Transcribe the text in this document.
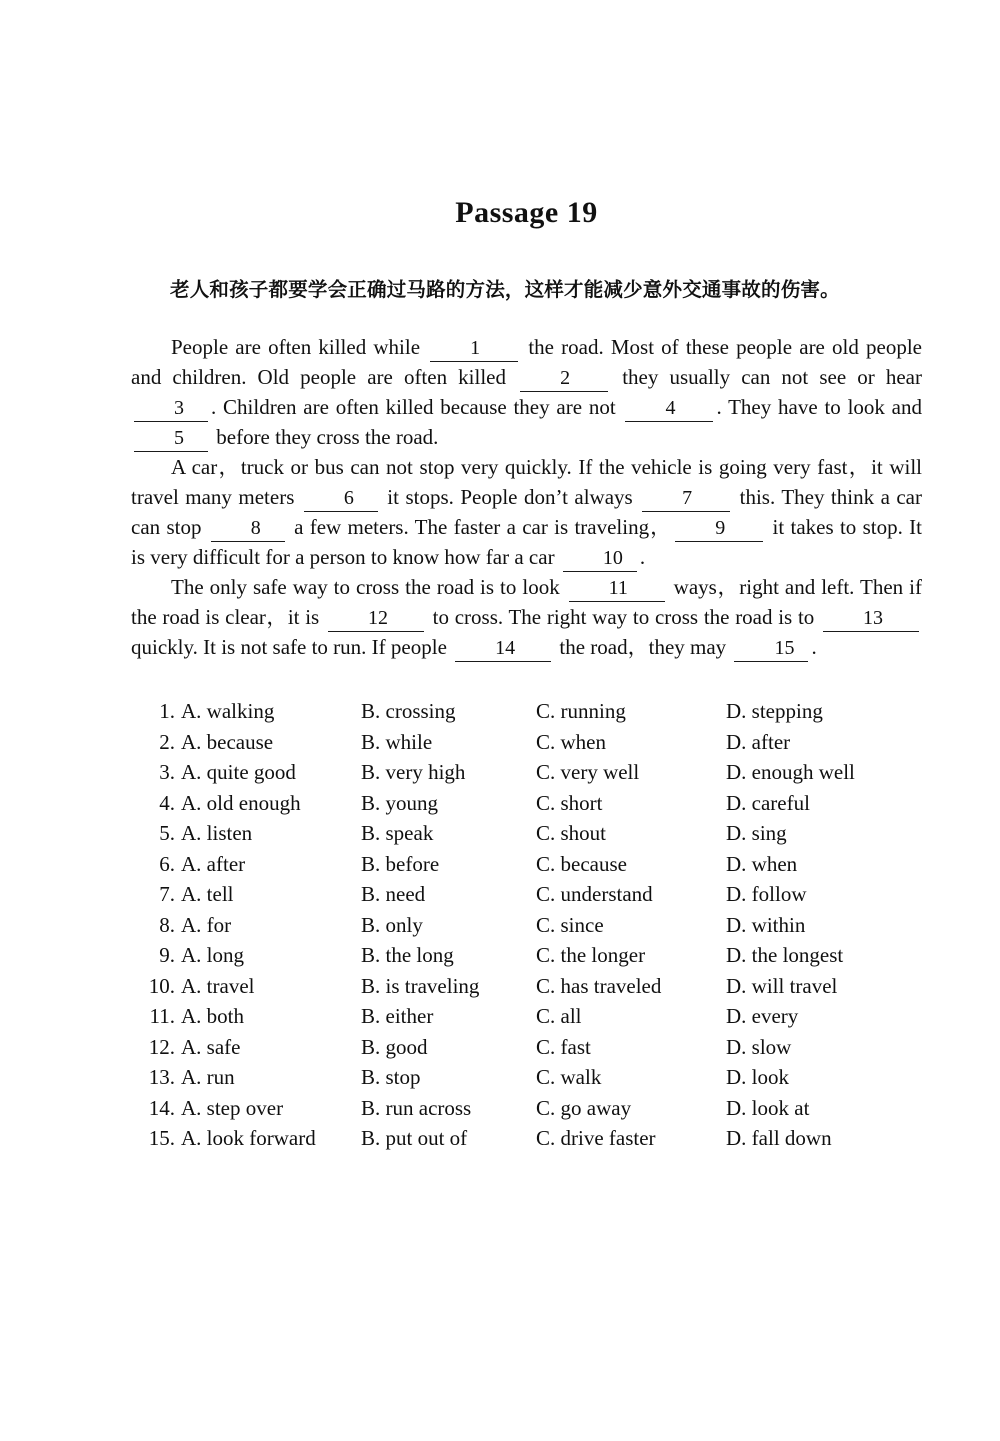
Passage 19
老人和孩子都要学会正确过马路的方法，这样才能减少意外交通事故的伤害。

People are often killed while 1 the road. Most of these people are old people and children. Old people are often killed 2 they usually can not see or hear 3 . Children are often killed because they are not 4 . They have to look and 5 before they cross the road.

A car，truck or bus can not stop very quickly. If the vehicle is going very fast，it will travel many meters 6 it stops. People don’t always 7 this. They think a car can stop 8 a few meters. The faster a car is traveling， 9 it takes to stop. It is very difficult for a person to know how far a car 10 .

The only safe way to cross the road is to look 11 ways，right and left. Then if the road is clear，it is 12 to cross. The right way to cross the road is to 13 quickly. It is not safe to run. If people 14 the road，they may 15 .

1. A. walking	B. crossing	C. running	D. stepping
2. A. because	B. while	C. when	D. after
3. A. quite good	B. very high	C. very well	D. enough well
4. A. old enough	B. young	C. short	D. careful
5. A. listen	B. speak	C. shout	D. sing
6. A. after	B. before	C. because	D. when
7. A. tell	B. need	C. understand	D. follow
8. A. for	B. only	C. since	D. within
9. A. long	B. the long	C. the longer	D. the longest
10. A. travel	B. is traveling	C. has traveled	D. will travel
11. A. both	B. either	C. all	D. every
12. A. safe	B. good	C. fast	D. slow
13. A. run	B. stop	C. walk	D. look
14. A. step over	B. run across	C. go away	D. look at
15. A. look forward	B. put out of	C. drive faster	D. fall down
